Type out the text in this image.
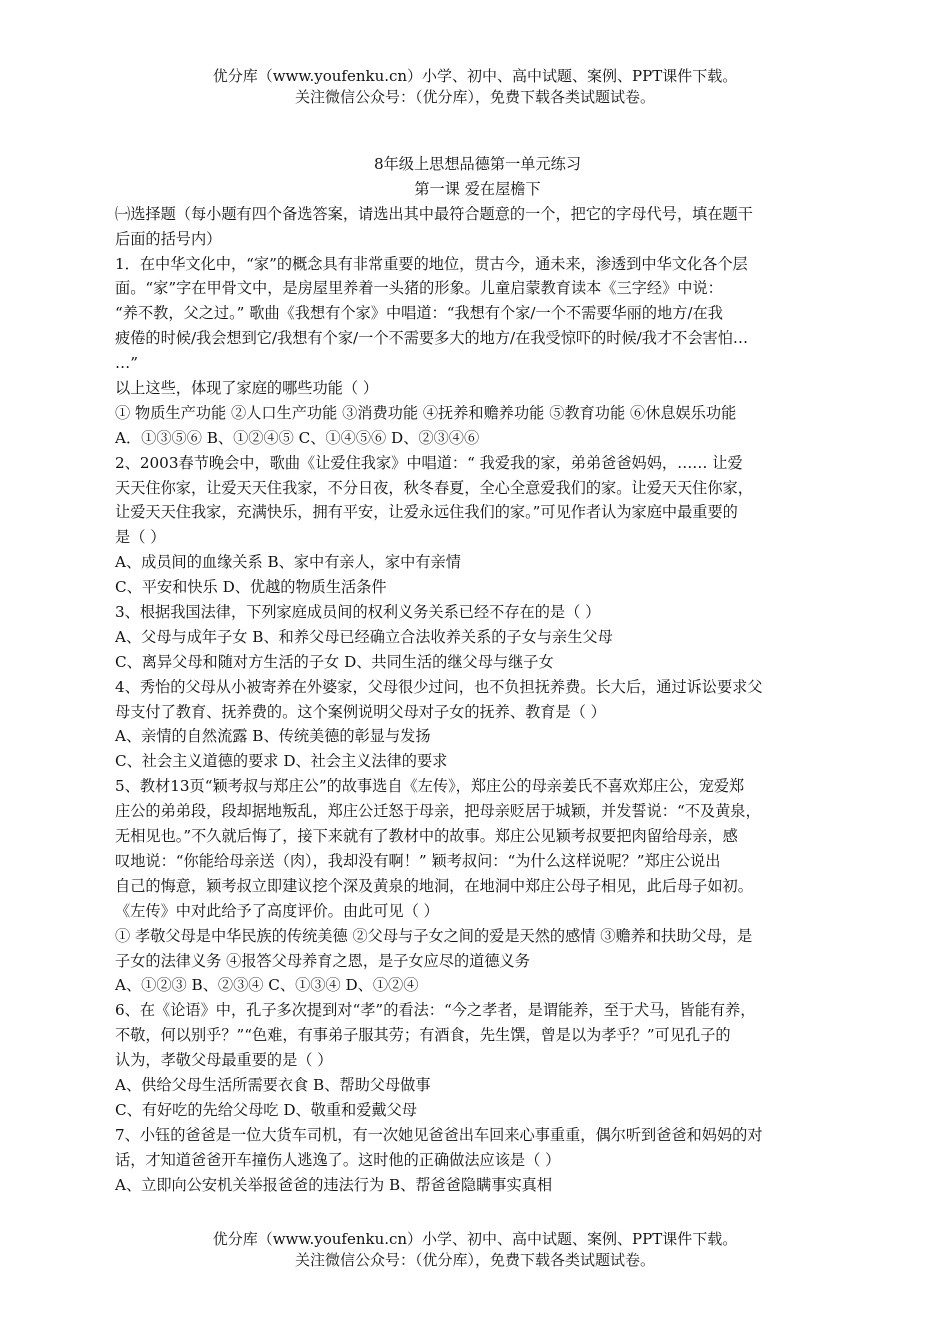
优分库（www.youfenku.cn）小学、初中、高中试题、案例、PPT课件下载。
关注微信公众号：（优分库），免费下载各类试题试卷。
8年级上思想品德第一单元练习
第一课 爱在屋檐下
㈠选择题（每小题有四个备选答案，请选出其中最符合题意的一个，把它的字母代号，填在题干
后面的括号内）
1．在中华文化中，“家”的概念具有非常重要的地位，贯古今，通未来，渗透到中华文化各个层
面。“家”字在甲骨文中，是房屋里养着一头猪的形象。儿童启蒙教育读本《三字经》中说：
“养不教，父之过。” 歌曲《我想有个家》中唱道：“我想有个家/一个不需要华丽的地方/在我
疲倦的时候/我会想到它/我想有个家/一个不需要多大的地方/在我受惊吓的时候/我才不会害怕…
…”
以上这些，体现了家庭的哪些功能（ ）
① 物质生产功能 ②人口生产功能 ③消费功能 ④抚养和赡养功能 ⑤教育功能 ⑥休息娱乐功能
A．①③⑤⑥ B、①②④⑤ C、①④⑤⑥ D、②③④⑥
2、2003春节晚会中，歌曲《让爱住我家》中唱道：“ 我爱我的家，弟弟爸爸妈妈，…… 让爱
天天住你家，让爱天天住我家，不分日夜，秋冬春夏，全心全意爱我们的家。让爱天天住你家，
让爱天天住我家，充满快乐，拥有平安，让爱永远住我们的家。”可见作者认为家庭中最重要的
是（ ）
A、成员间的血缘关系 B、家中有亲人，家中有亲情
C、平安和快乐 D、优越的物质生活条件
3、根据我国法律，下列家庭成员间的权利义务关系已经不存在的是（ ）
A、父母与成年子女 B、和养父母已经确立合法收养关系的子女与亲生父母
C、离异父母和随对方生活的子女 D、共同生活的继父母与继子女
4、秀怡的父母从小被寄养在外婆家，父母很少过问，也不负担抚养费。长大后，通过诉讼要求父
母支付了教育、抚养费的。这个案例说明父母对子女的抚养、教育是（ ）
A、亲情的自然流露 B、传统美德的彰显与发扬
C、社会主义道德的要求 D、社会主义法律的要求
5、教材13页“颖考叔与郑庄公”的故事选自《左传》，郑庄公的母亲姜氏不喜欢郑庄公，宠爱郑
庄公的弟弟段，段却据地叛乱，郑庄公迁怒于母亲，把母亲贬居于城颖，并发誓说：“不及黄泉，
无相见也。”不久就后悔了，接下来就有了教材中的故事。郑庄公见颖考叔要把肉留给母亲，感
叹地说：“你能给母亲送（肉），我却没有啊！” 颖考叔问：“为什么这样说呢？”郑庄公说出
自己的悔意，颖考叔立即建议挖个深及黄泉的地洞，在地洞中郑庄公母子相见，此后母子如初。
《左传》中对此给予了高度评价。由此可见（ ）
① 孝敬父母是中华民族的传统美德 ②父母与子女之间的爱是天然的感情 ③赡养和扶助父母，是
子女的法律义务 ④报答父母养育之恩，是子女应尽的道德义务
A、①②③ B、②③④ C、①③④ D、①②④
6、在《论语》中，孔子多次提到对“孝”的看法：“今之孝者，是谓能养，至于犬马，皆能有养，
不敬，何以别乎？”“色难，有事弟子服其劳；有酒食，先生馔，曾是以为孝乎？”可见孔子的
认为，孝敬父母最重要的是（ ）
A、供给父母生活所需要衣食 B、帮助父母做事
C、有好吃的先给父母吃 D、敬重和爱戴父母
7、小钰的爸爸是一位大货车司机，有一次她见爸爸出车回来心事重重，偶尔听到爸爸和妈妈的对
话，才知道爸爸开车撞伤人逃逸了。这时他的正确做法应该是（ ）
A、立即向公安机关举报爸爸的违法行为 B、帮爸爸隐瞒事实真相
优分库（www.youfenku.cn）小学、初中、高中试题、案例、PPT课件下载。
关注微信公众号：（优分库），免费下载各类试题试卷。
